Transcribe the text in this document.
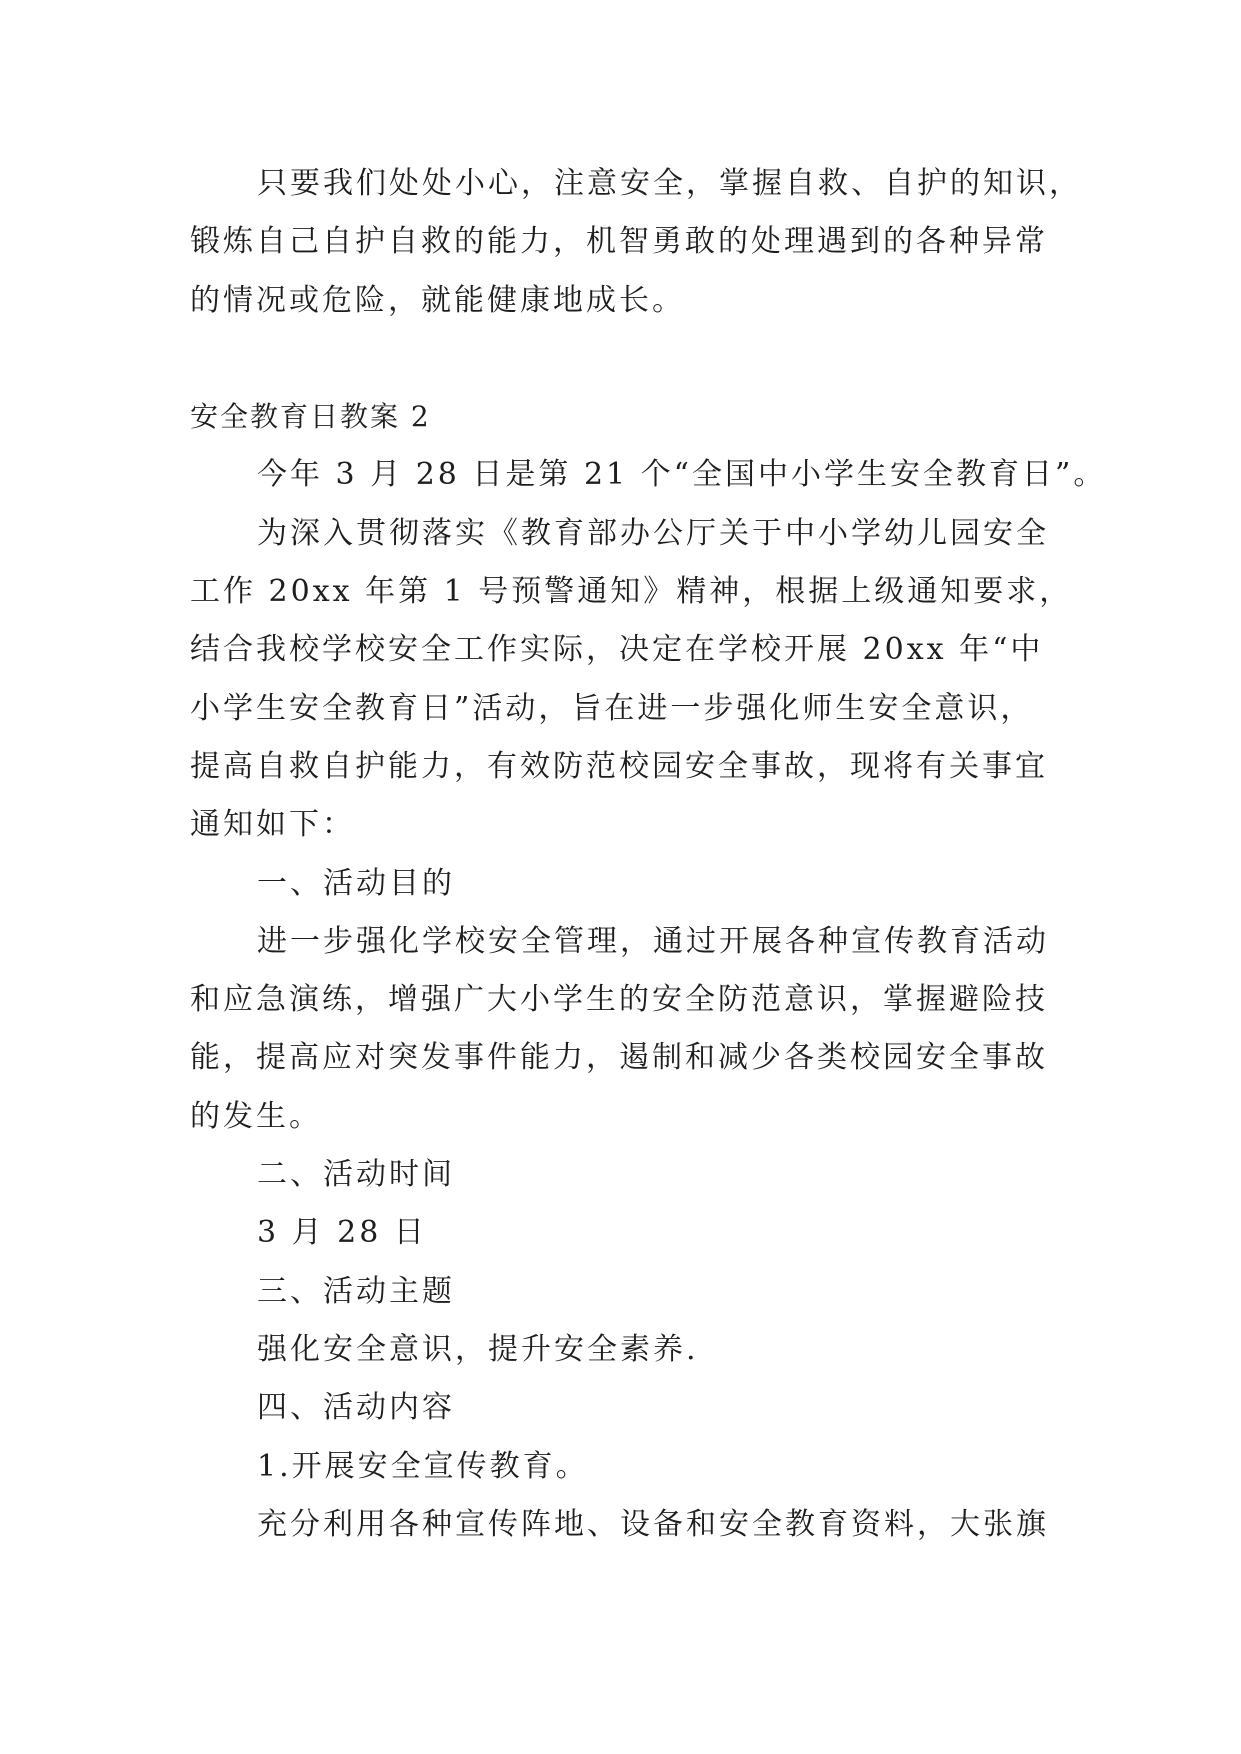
只要我们处处小心，注意安全，掌握自救、自护的知识，
锻炼自己自护自救的能力，机智勇敢的处理遇到的各种异常
的情况或危险，就能健康地成长。
安全教育日教案 2
今年 3 月 28 日是第 21 个“全国中小学生安全教育日”。
为深入贯彻落实《教育部办公厅关于中小学幼儿园安全
工作 20xx 年第 1 号预警通知》精神，根据上级通知要求，
结合我校学校安全工作实际，决定在学校开展 20xx 年“中
小学生安全教育日”活动，旨在进一步强化师生安全意识，
提高自救自护能力，有效防范校园安全事故，现将有关事宜
通知如下：
一、活动目的
进一步强化学校安全管理，通过开展各种宣传教育活动
和应急演练，增强广大小学生的安全防范意识，掌握避险技
能，提高应对突发事件能力，遏制和减少各类校园安全事故
的发生。
二、活动时间
3 月 28 日
三、活动主题
强化安全意识，提升安全素养.
四、活动内容
1.开展安全宣传教育。
充分利用各种宣传阵地、设备和安全教育资料，大张旗
